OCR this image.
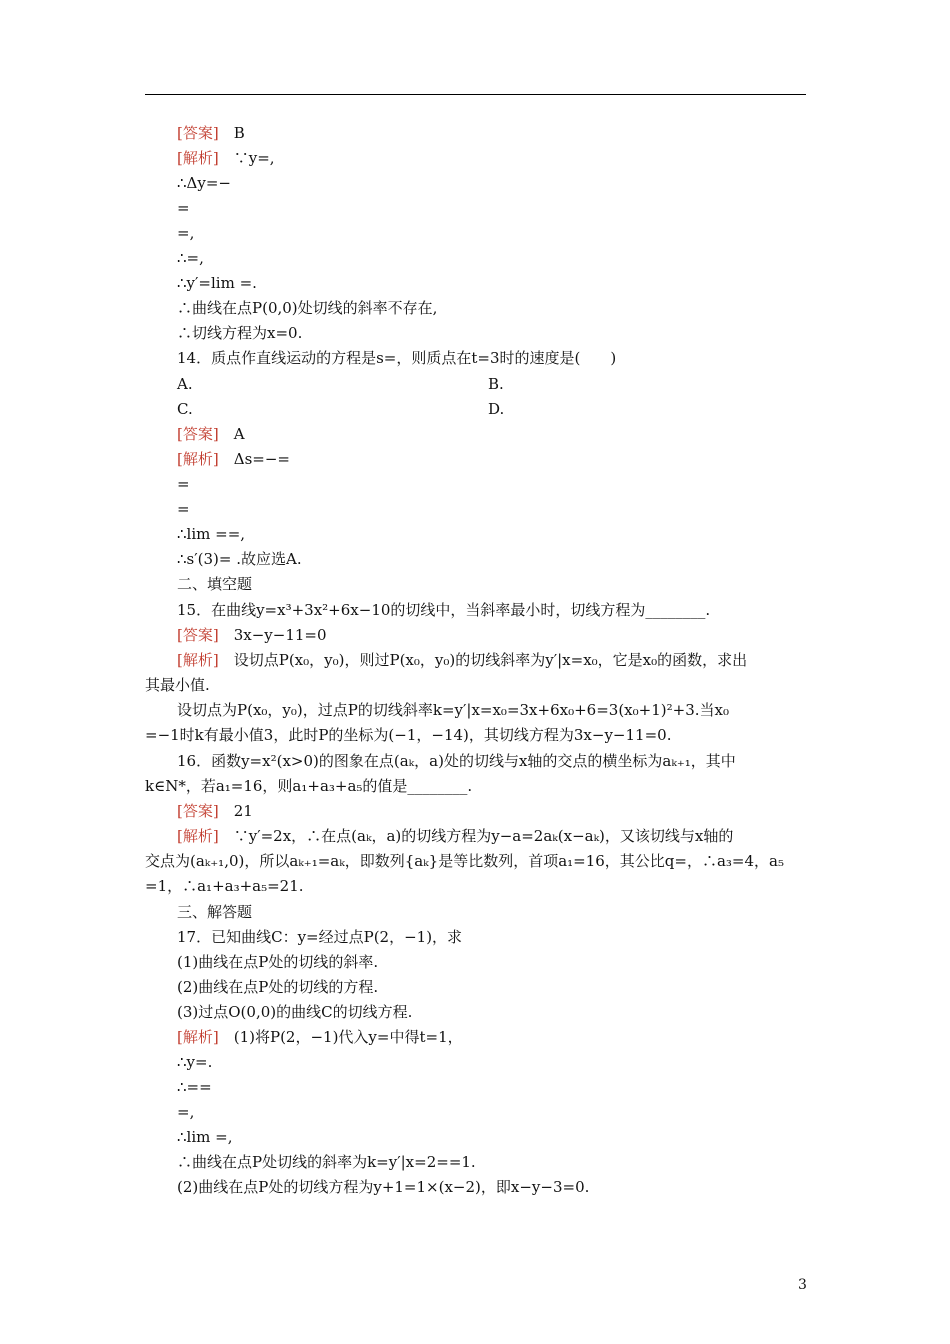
[答案]　 B
[解析]　 ∵y=,
∴Δy=−
=
=,
∴=,
∴y′=lim =.
∴曲线在点P(0,0)处切线的斜率不存在,
∴切线方程为x=0.
14．质点作直线运动的方程是s=，则质点在t=3时的速度是(　　)
A.	B.
C.	D.
[答案]　 A
[解析]　 Δs=−=
=
=
∴lim ==,
∴s′(3)= .故应选A.
二、填空题
15．在曲线y=x³+3x²+6x−10的切线中，当斜率最小时，切线方程为________.
[答案]　 3x−y−11=0
[解析]　 设切点P(x₀，y₀)，则过P(x₀，y₀)的切线斜率为y′|x=x₀，它是x₀的函数，求出
其最小值.
设切点为P(x₀，y₀)，过点P的切线斜率k=y′|x=x₀=3x+6x₀+6=3(x₀+1)²+3.当x₀
=−1时k有最小值3，此时P的坐标为(−1，−14)，其切线方程为3x−y−11=0.
16．函数y=x²(x>0)的图象在点(aₖ，a)处的切线与x轴的交点的横坐标为aₖ₊₁，其中
k∈N*，若a₁=16，则a₁+a₃+a₅的值是________.
[答案]　 21
[解析]　 ∵y′=2x，∴在点(aₖ，a)的切线方程为y−a=2aₖ(x−aₖ)，又该切线与x轴的
交点为(aₖ₊₁,0)，所以aₖ₊₁=aₖ，即数列{aₖ}是等比数列，首项a₁=16，其公比q=，∴a₃=4，a₅
=1，∴a₁+a₃+a₅=21.
三、解答题
17．已知曲线C：y=经过点P(2，−1)，求
(1)曲线在点P处的切线的斜率.
(2)曲线在点P处的切线的方程.
(3)过点O(0,0)的曲线C的切线方程.
[解析]　 (1)将P(2，−1)代入y=中得t=1，
∴y=.
∴==
=,
∴lim =,
∴曲线在点P处切线的斜率为k=y′|x=2==1.
(2)曲线在点P处的切线方程为y+1=1×(x−2)，即x−y−3=0.
3
